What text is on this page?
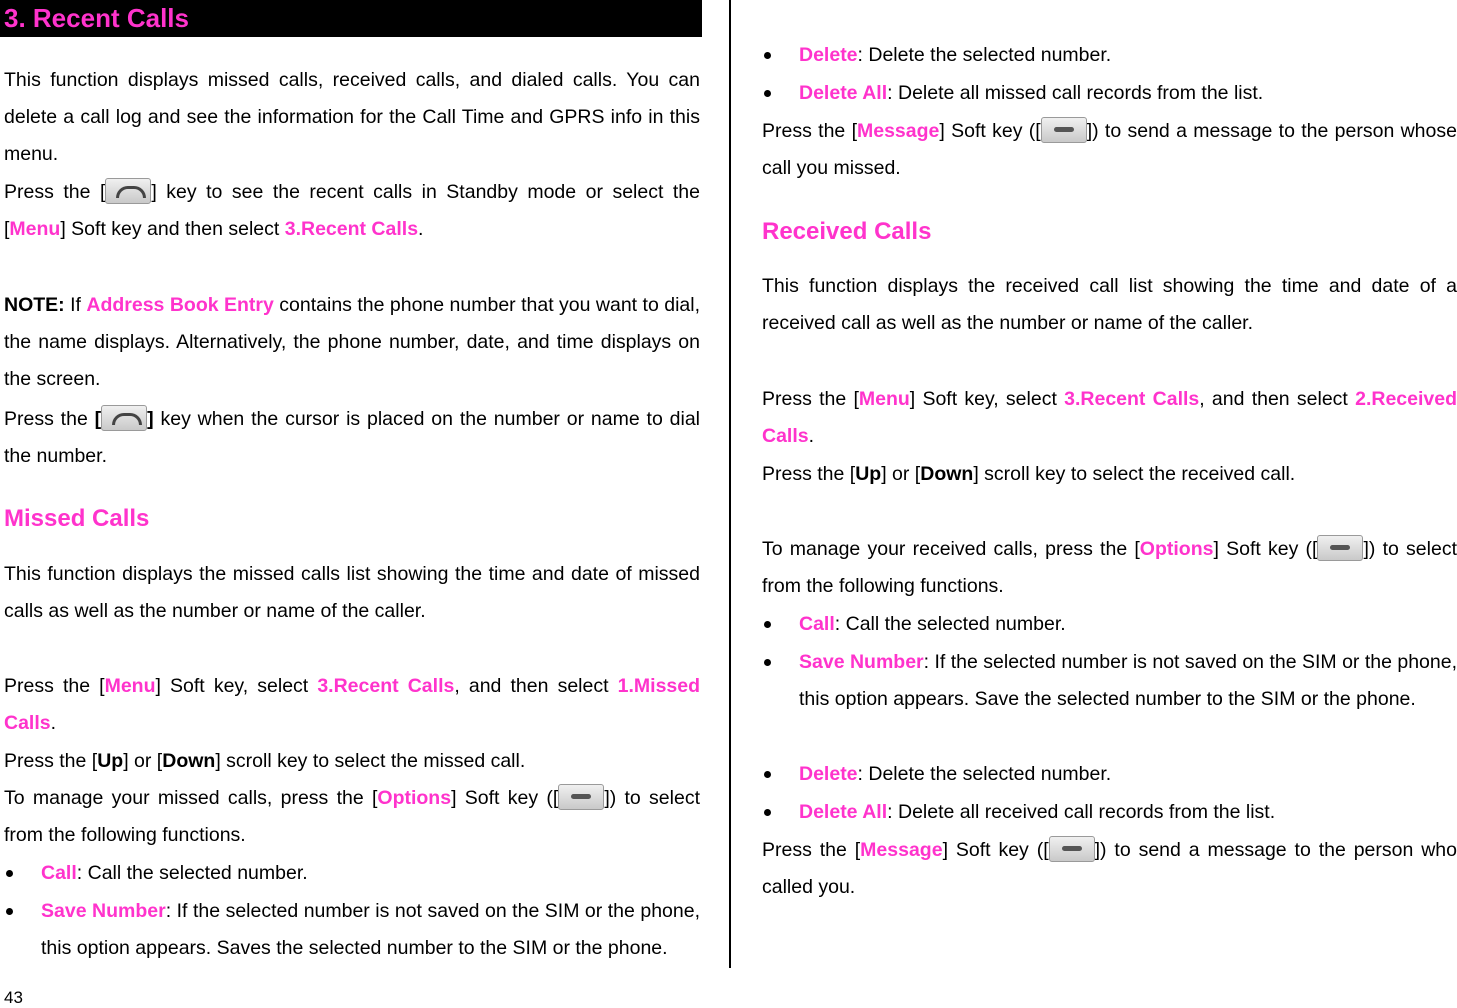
3. Recent Calls
This function displays missed calls, received calls, and dialed calls. You can delete a call log and see the information for the Call Time and GPRS info in this menu.
Press the [ ] key to see the recent calls in Standby mode or select the [Menu] Soft key and then select 3.Recent Calls.
NOTE: If Address Book Entry contains the phone number that you want to dial, the name displays. Alternatively, the phone number, date, and time displays on the screen.
Press the [ ] key when the cursor is placed on the number or name to dial the number.
Missed Calls
This function displays the missed calls list showing the time and date of missed calls as well as the number or name of the caller.
Press the [Menu] Soft key, select 3.Recent Calls, and then select 1.Missed Calls.
Press the [Up] or [Down] scroll key to select the missed call.
To manage your missed calls, press the [Options] Soft key ([ ]) to select from the following functions.
Call: Call the selected number.
Save Number: If the selected number is not saved on the SIM or the phone, this option appears. Saves the selected number to the SIM or the phone.
Delete: Delete the selected number.
Delete All: Delete all missed call records from the list.
Press the [Message] Soft key ([ ]) to send a message to the person whose call you missed.
Received Calls
This function displays the received call list showing the time and date of a received call as well as the number or name of the caller.
Press the [Menu] Soft key, select 3.Recent Calls, and then select 2.Received Calls.
Press the [Up] or [Down] scroll key to select the received call.
To manage your received calls, press the [Options] Soft key ([ ]) to select from the following functions.
Call: Call the selected number.
Save Number: If the selected number is not saved on the SIM or the phone, this option appears. Save the selected number to the SIM or the phone.
Delete: Delete the selected number.
Delete All: Delete all received call records from the list.
Press the [Message] Soft key ([ ]) to send a message to the person who called you.
43
